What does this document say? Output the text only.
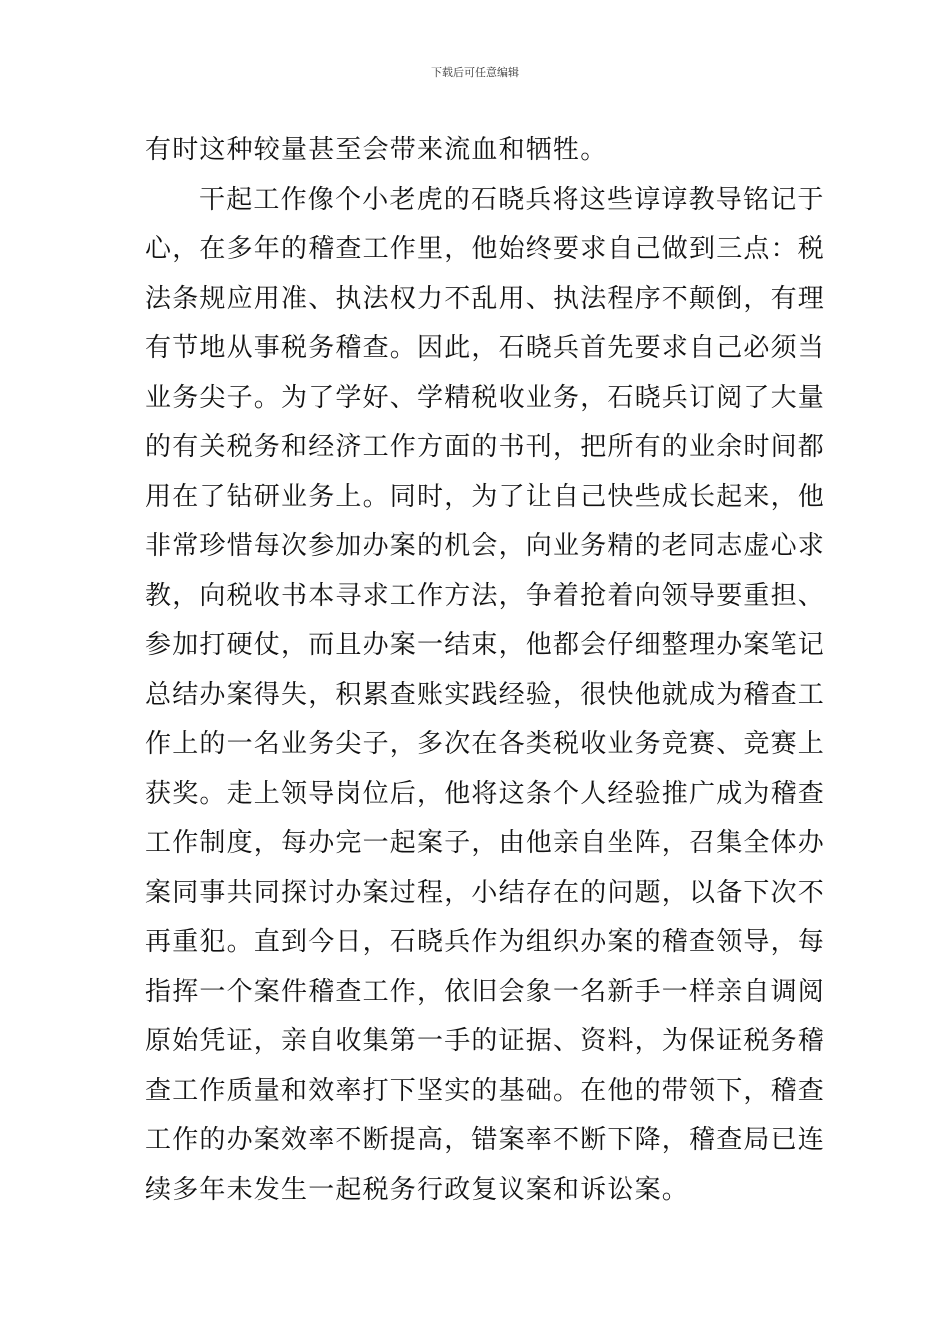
下载后可任意编辑
有时这种较量甚至会带来流血和牺牲。
干起工作像个小老虎的石晓兵将这些谆谆教导铭记于
心，在多年的稽查工作里，他始终要求自己做到三点：税
法条规应用准、执法权力不乱用、执法程序不颠倒，有理
有节地从事税务稽查。因此，石晓兵首先要求自己必须当
业务尖子。为了学好、学精税收业务，石晓兵订阅了大量
的有关税务和经济工作方面的书刊，把所有的业余时间都
用在了钻研业务上。同时，为了让自己快些成长起来，他
非常珍惜每次参加办案的机会，向业务精的老同志虚心求
教，向税收书本寻求工作方法，争着抢着向领导要重担、
参加打硬仗，而且办案一结束，他都会仔细整理办案笔记
总结办案得失，积累查账实践经验，很快他就成为稽查工
作上的一名业务尖子，多次在各类税收业务竞赛、竞赛上
获奖。走上领导岗位后，他将这条个人经验推广成为稽查
工作制度，每办完一起案子，由他亲自坐阵，召集全体办
案同事共同探讨办案过程，小结存在的问题，以备下次不
再重犯。直到今日，石晓兵作为组织办案的稽查领导，每
指挥一个案件稽查工作，依旧会象一名新手一样亲自调阅
原始凭证，亲自收集第一手的证据、资料，为保证税务稽
查工作质量和效率打下坚实的基础。在他的带领下，稽查
工作的办案效率不断提高，错案率不断下降，稽查局已连
续多年未发生一起税务行政复议案和诉讼案。
